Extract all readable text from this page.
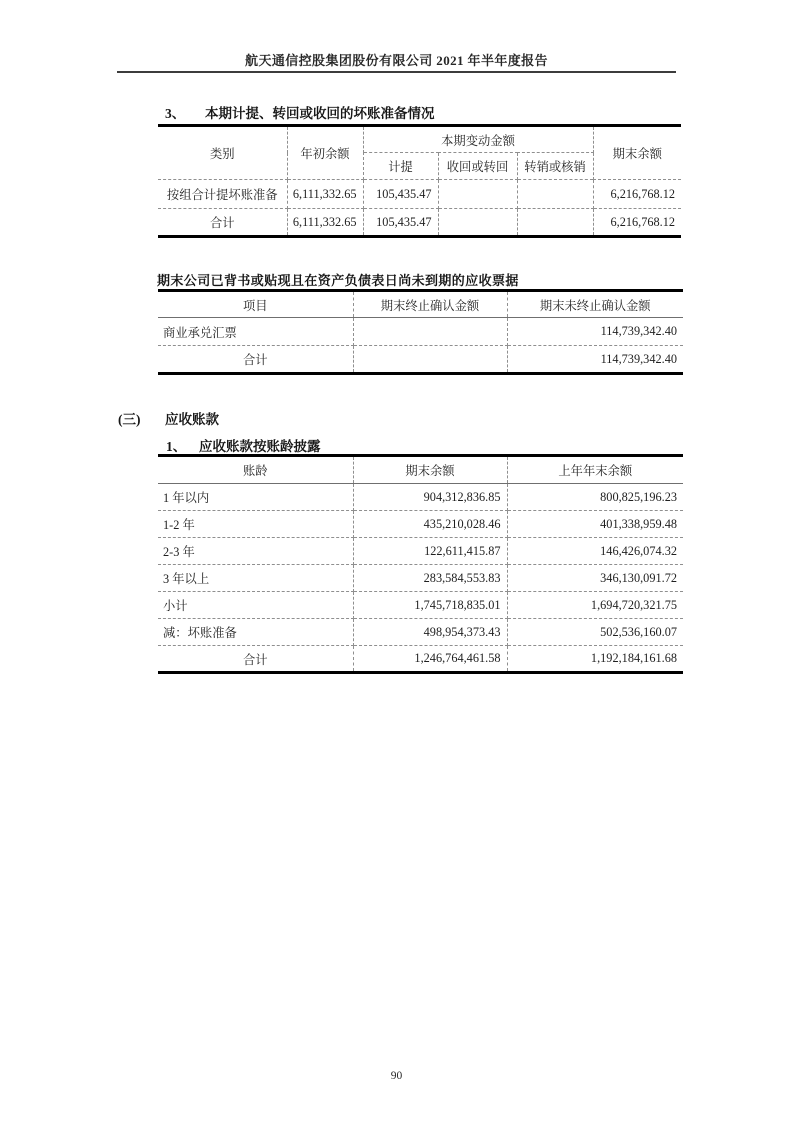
航天通信控股集团股份有限公司 2021 年半年度报告
3、	本期计提、转回或收回的坏账准备情况
类别	年初余额	本期变动金额			期末余额
		计提	收回或转回	转销或核销	
按组合计提坏账准备	6,111,332.65	105,435.47			6,216,768.12
合计	6,111,332.65	105,435.47			6,216,768.12
期末公司已背书或贴现且在资产负债表日尚未到期的应收票据
项目	期末终止确认金额	期末未终止确认金额
商业承兑汇票		114,739,342.40
合计		114,739,342.40
(三)	应收账款
1、 应收账款按账龄披露
账龄	期末余额	上年年末余额
1 年以内	904,312,836.85	800,825,196.23
1-2 年	435,210,028.46	401,338,959.48
2-3 年	122,611,415.87	146,426,074.32
3 年以上	283,584,553.83	346,130,091.72
小计	1,745,718,835.01	1,694,720,321.75
减：坏账准备	498,954,373.43	502,536,160.07
合计	1,246,764,461.58	1,192,184,161.68
90
